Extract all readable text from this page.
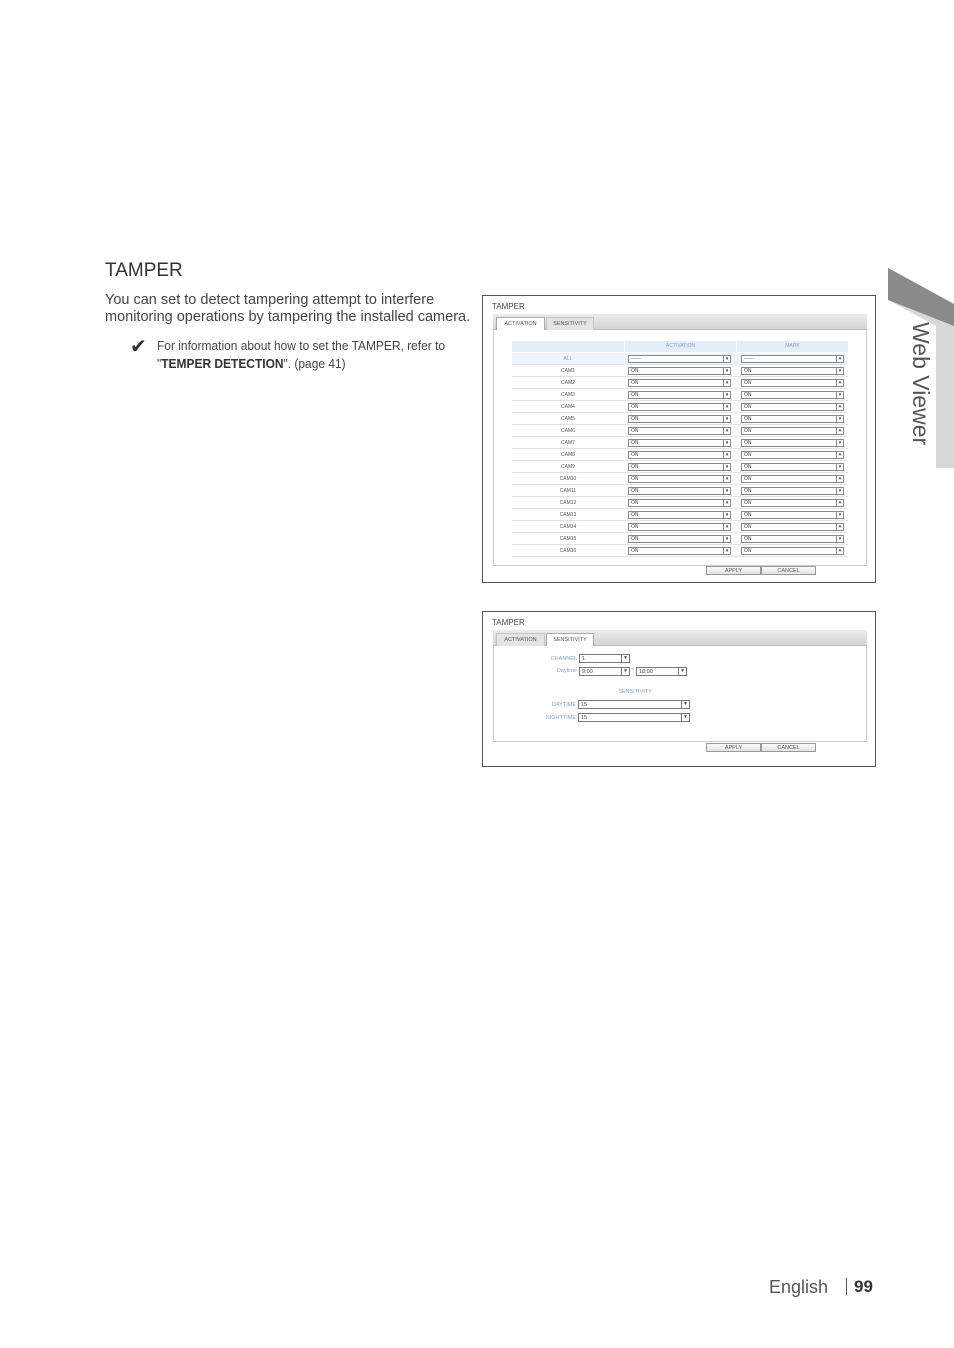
TAMPER
You can set to detect tampering attempt to interfere monitoring operations by tampering the installed camera.
✔ For information about how to set the TAMPER, refer to "TEMPER DETECTION". (page 41)	Web Viewer
TAMPER
ACTIVATION	SENSITIVITY
ACTIVATION	MARK
ALL	------	▾	------	▾
CAM1	ON	▾	ON	▾
CAM2	ON	▾	ON	▾
CAM3	ON	▾	ON	▾
CAM4	ON	▾	ON	▾
CAM5	ON	▾	ON	▾
CAM6	ON	▾	ON	▾
CAM7	ON	▾	ON	▾
CAM8	ON	▾	ON	▾
CAM9	ON	▾	ON	▾
CAM10	ON	▾	ON	▾
CAM11	ON	▾	ON	▾
CAM12	ON	▾	ON	▾
CAM13	ON	▾	ON	▾
CAM14	ON	▾	ON	▾
CAM15	ON	▾	ON	▾
CAM16	ON	▾	ON	▾
APPLY	CANCEL
TAMPER
ACTIVATION	SENSITIVITY
CHANNEL 1	▾
Daytime 9:00	▾ ~ 18:00	▾
SENSITIVITY
DAYTIME 15	▾
NIGHTTIME 15	▾
APPLY	CANCEL
English 99
